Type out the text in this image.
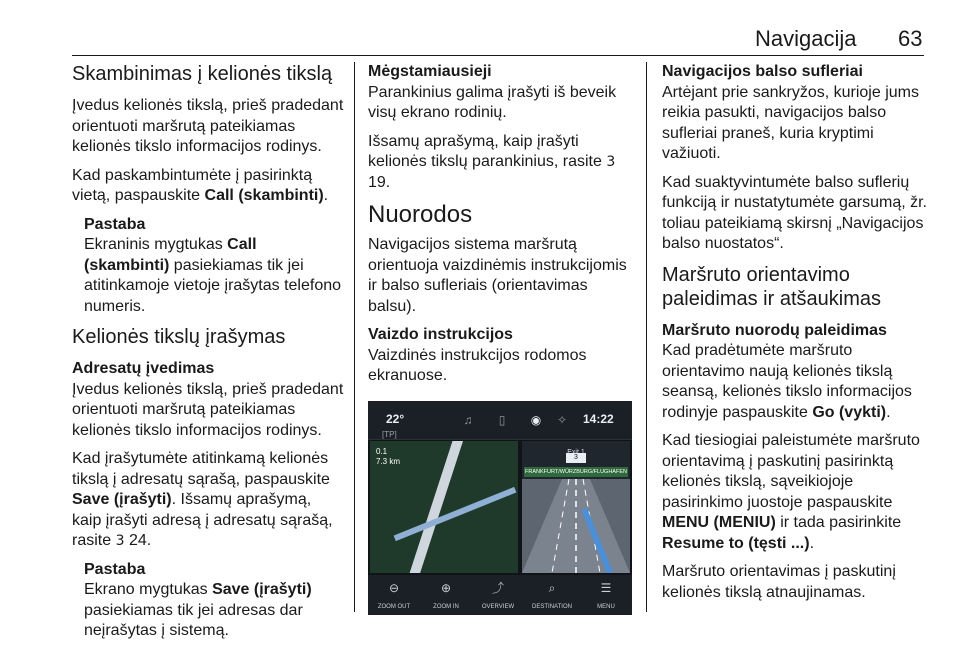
Navigacija 63
Skambinimas į kelionės tikslą

Įvedus kelionės tikslą, prieš pradedant orientuoti maršrutą pateikiamas kelionės tikslo informacijos rodinys.

Kad paskambintumėte į pasirinktą vietą, paspauskite Call (skambinti).

Pastaba
Ekraninis mygtukas Call (skambinti) pasiekiamas tik jei atitinkamoje vietoje įrašytas telefono numeris.
Kelionės tikslų įrašymas
Adresatų įvedimas

Įvedus kelionės tikslą, prieš pradedant orientuoti maršrutą pateikiamas kelionės tikslo informacijos rodinys.

Kad įrašytumėte atitinkamą kelionės tikslą į adresatų sąrašą, paspauskite Save (įrašyti). Išsamų aprašymą, kaip įrašyti adresą į adresatų sąrašą, rasite 3 24.

Pastaba
Ekrano mygtukas Save (įrašyti) pasiekiamas tik jei adresas dar neįrašytas į sistemą.
Mėgstamiausieji

Parankinius galima įrašyti iš beveik visų ekrano rodinių.

Išsamų aprašymą, kaip įrašyti kelionės tikslų parankinius, rasite 3 19.

Nuorodos

Navigacijos sistema maršrutą orientuoja vaizdinėmis instrukcijomis ir balso sufleriais (orientavimas balsu).

Vaizdo instrukcijos

Vaizdinės instrukcijos rodomos ekranuose.

22°
[TP]
♫	▯	◉ ✧ 14:22
0.1
7.3 km	3
FRANKFURT/WÜRZBURG/FLUGHAFEN
⊖
ZOOM OUT
⊕
ZOOM IN
⤴
OVERVIEW
⌕
DESTINATION
☰
MENU
Navigacijos balso sufleriai

Artėjant prie sankryžos, kurioje jums reikia pasukti, navigacijos balso sufleriai praneš, kuria kryptimi važiuoti.

Kad suaktyvintumėte balso suflerių funkciją ir nustatytumėte garsumą, žr. toliau pateikiamą skirsnį „Navigacijos balso nuostatos“.

Maršruto orientavimo paleidimas ir atšaukimas
Maršruto nuorodų paleidimas

Kad pradėtumėte maršruto orientavimo naują kelionės tikslą seansą, kelionės tikslo informacijos rodinyje paspauskite Go (vykti).

Kad tiesiogiai paleistumėte maršruto orientavimą į paskutinį pasirinktą kelionės tikslą, sąveikiojoje pasirinkimo juostoje paspauskite MENU (MENIU) ir tada pasirinkite Resume to (tęsti ...).

Maršruto orientavimas į paskutinį kelionės tikslą atnaujinamas.
